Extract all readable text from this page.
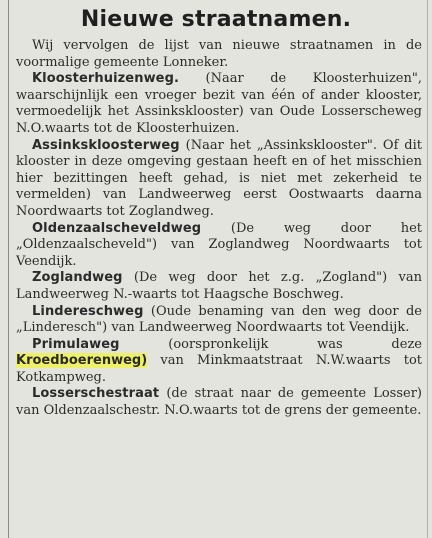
Nieuwe straatnamen.

Wij vervolgen de lijst van nieuwe straatnamen in de voormalige gemeente Lonneker.

Kloosterhuizenweg. (Naar de Kloosterhuizen", waarschijnlijk een vroeger bezit van één of ander klooster, vermoedelijk het Assinksklooster) van Oude Losserscheweg N.O.waarts tot de Kloosterhuizen.

Assinkskloosterweg (Naar het „Assinksklooster". Of dit klooster in deze omgeving gestaan heeft en of het misschien hier bezittingen heeft gehad, is niet met zekerheid te vermelden) van Landweerweg eerst Oostwaarts daarna Noordwaarts tot Zoglandweg.

Oldenzaalscheveldweg (De weg door het „Oldenzaalscheveld") van Zoglandweg Noordwaarts tot Veendijk.

Zoglandweg (De weg door het z.g. „Zogland") van Landweerweg N.-waarts tot Haagsche Boschweg.

Lindereschweg (Oude benaming van den weg door de „Linderesch") van Landweerweg Noordwaarts tot Veendijk.

Primulaweg (oorspronkelijk was deze Kroedboerenweg) van Minkmaatstraat N.W.waarts tot Kotkampweg.

Losserschestraat (de straat naar de gemeente Losser) van Oldenzaalschestr. N.O.waarts tot de grens der gemeente.
